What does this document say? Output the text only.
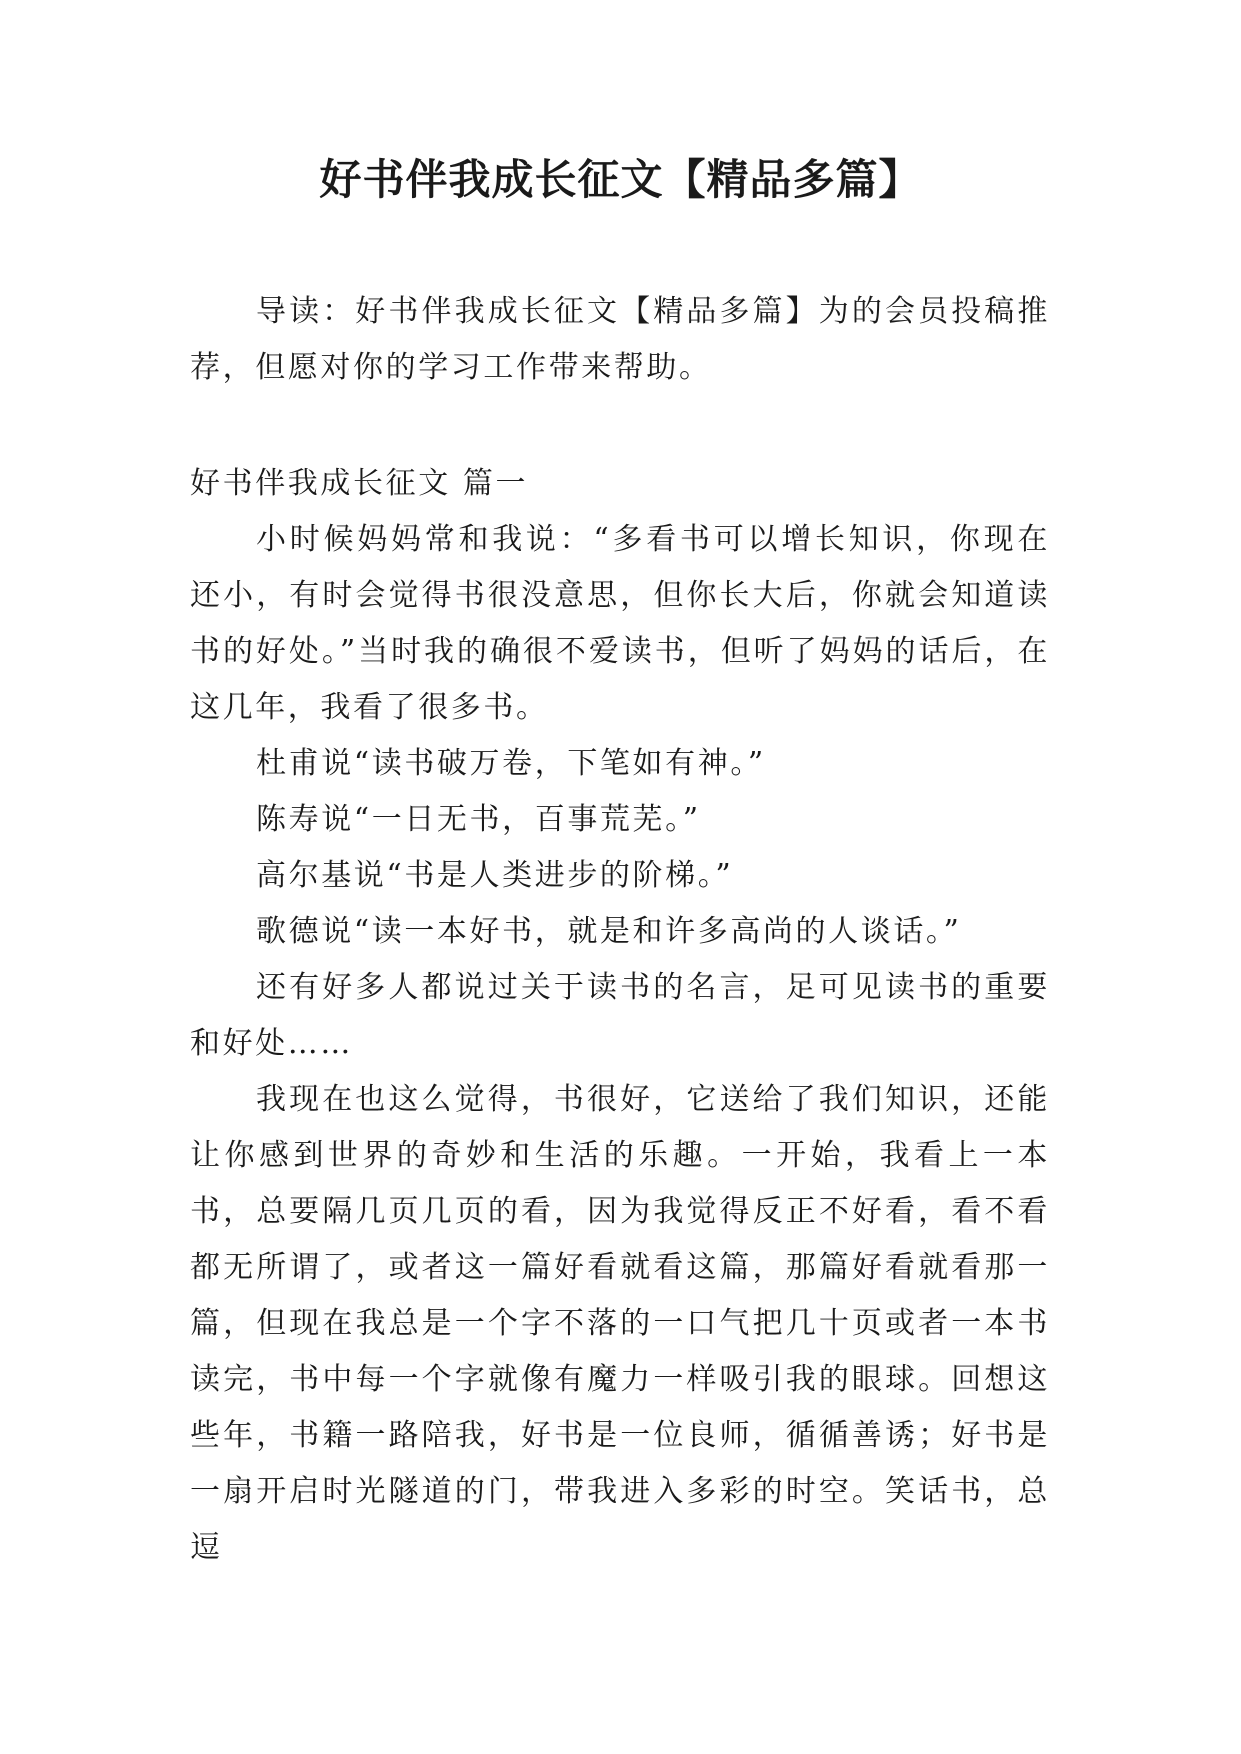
好书伴我成长征文【精品多篇】

导读：好书伴我成长征文【精品多篇】为的会员投稿推荐，但愿对你的学习工作带来帮助。

好书伴我成长征文 篇一

小时候妈妈常和我说：“多看书可以增长知识，你现在还小，有时会觉得书很没意思，但你长大后，你就会知道读书的好处。”当时我的确很不爱读书，但听了妈妈的话后，在这几年，我看了很多书。

杜甫说“读书破万卷，下笔如有神。”

陈寿说“一日无书，百事荒芜。”

高尔基说“书是人类进步的阶梯。”

歌德说“读一本好书，就是和许多高尚的人谈话。”

还有好多人都说过关于读书的名言，足可见读书的重要和好处……

我现在也这么觉得，书很好，它送给了我们知识，还能让你感到世界的奇妙和生活的乐趣。一开始，我看上一本书，总要隔几页几页的看，因为我觉得反正不好看，看不看都无所谓了，或者这一篇好看就看这篇，那篇好看就看那一篇，但现在我总是一个字不落的一口气把几十页或者一本书读完，书中每一个字就像有魔力一样吸引我的眼球。回想这些年，书籍一路陪我，好书是一位良师，循循善诱；好书是一扇开启时光隧道的门，带我进入多彩的时空。笑话书，总逗
